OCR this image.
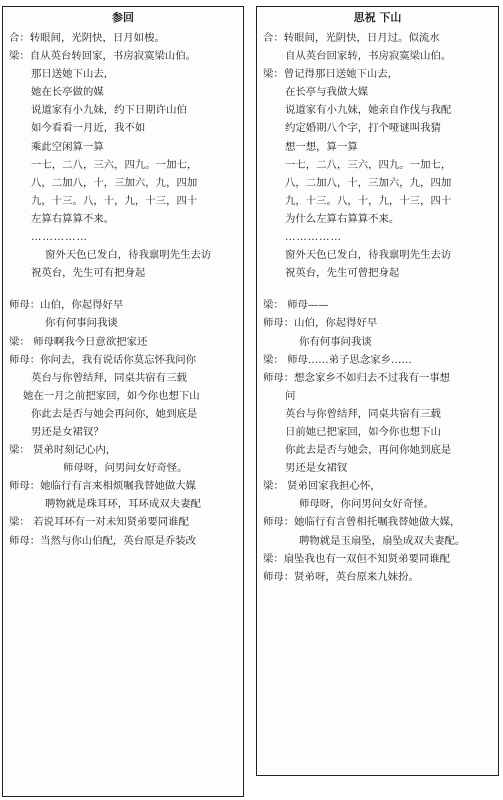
参回
合：转眼间，光阴快，日月如梭。
梁：自从英台转回家，书房寂寞梁山伯。
那日送她下山去，
她在长亭做的媒
说道家有小九妹，约下日期许山伯
如今看看一月近，我不如
乘此空闲算一算
一七，二八，三六，四九。一加七，
八，二加八，十，三加六，九，四加
九，十三。八，十，九，十三，四十
左算右算算不来。
……………
窗外天色已发白，待我禀明先生去访
祝英台，先生可有把身起
师母：山伯，你起得好早
你有何事问我谈
梁： 师母啊我今日意欲把家还
师母：你问去，我有说话你莫忘怀我问你
英台与你曾结拜，同桌共宿有三载
她在一月之前把家回，如今你也想下山
你此去是否与她会再问你，她到底是
男还是女裙钗？
梁： 贤弟时刻记心内，
师母呀，问男问女好奇怪。
师母：她临行有言来相烦嘱我替她做大媒
聘物就是珠耳环，耳环成双夫妻配
梁： 若说耳环有一对未知贤弟要同谁配
师母：当然与你山伯配，英台原是乔装改
思祝 下山
合：转眼间，光阴快，日月过。似流水
自从英台回家转，书房寂寞梁山伯。
梁：曾记得那日送她下山去，
在长亭与我做大媒
说道家有小九妹，她亲自作伐与我配
约定婚期八个字，打个哑谜叫我猜
想一想，算一算
一七，二八，三六，四九。一加七，
八，二加八，十，三加六，九，四加
九，十三。八，十，九，十三，四十
为什么左算右算算不来。
……………
窗外天色已发白，待我禀明先生去访
祝英台，先生可曾把身起
梁： 师母——
师母：山伯，你起得好早
你有何事问我谈
梁： 师母……弟子思念家乡……
师母：想念家乡不如归去不过我有一事想
问
英台与你曾结拜，同桌共宿有三载
日前她已把家回，如今你也想下山
你此去是否与她会，再问你她到底是
男还是女裙钗
梁： 贤弟回家我担心怀，
师母呀，你问男问女好奇怪。
师母：她临行有言曾相托嘱我替她做大媒，
聘物就是玉扇坠，扇坠成双夫妻配。
梁：扇坠我也有一双但不知贤弟要同谁配
师母：贤弟呀，英台原来九妹扮。
